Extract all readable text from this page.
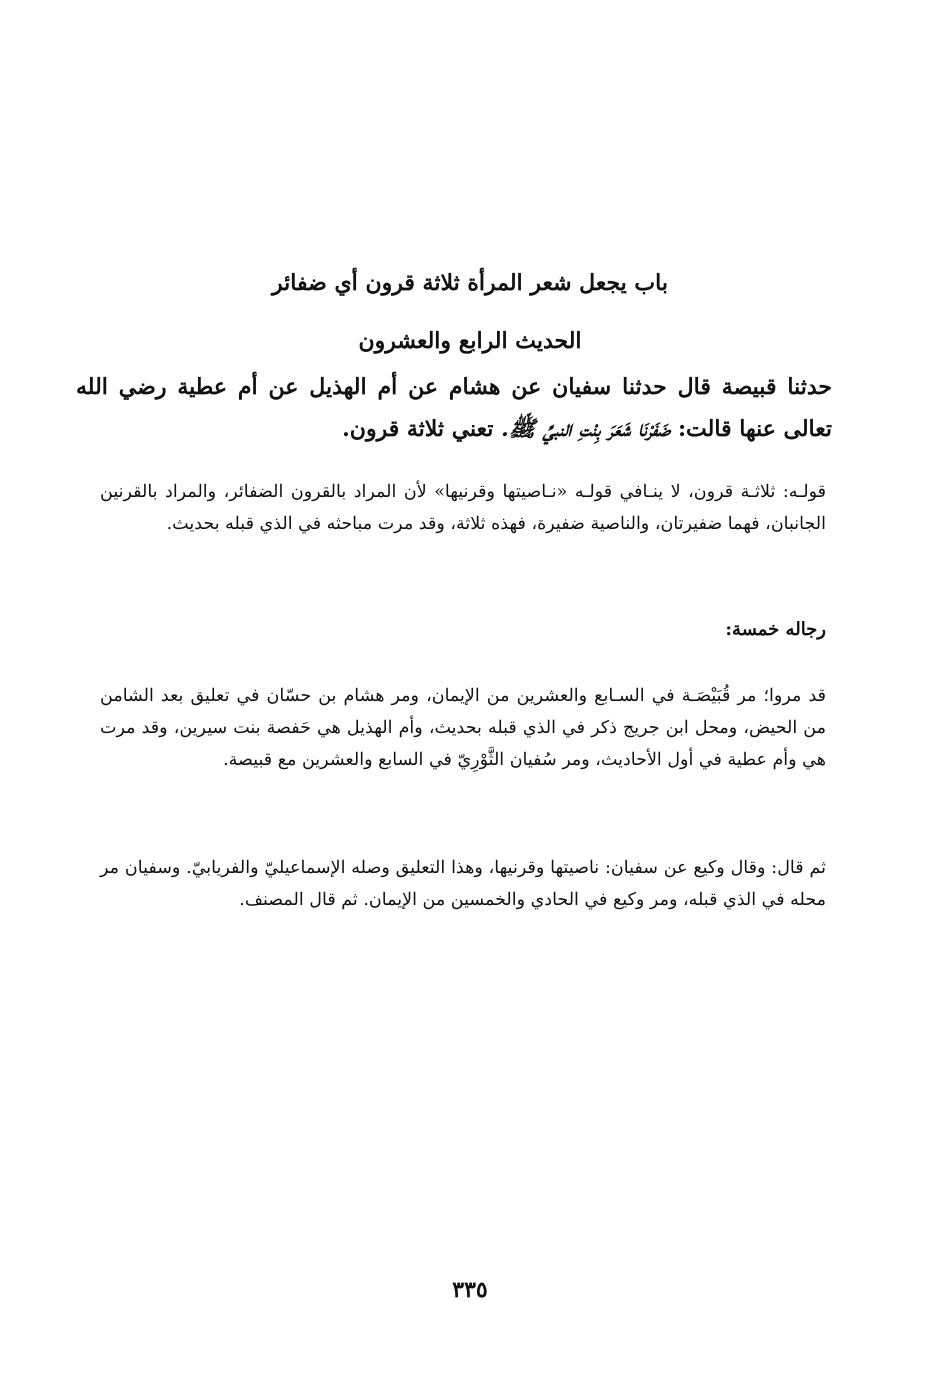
باب يجعل شعر المرأة ثلاثة قرون أي ضفائر
الحديث الرابع والعشرون
حدثنا قبيصة قال حدثنا سفيان عن هشام عن أم الهذيل عن أم عطية رضي الله تعالى عنها قالت: ضَفَرْنَا شَعَرَ بِنْتِ النبيِّ ﷺ. تعني ثلاثة قرون.
قولـه: ثلاثـة قرون، لا ينـافي قولـه «نـاصيتها وقرنيها» لأن المراد بالقرون الضفائر، والمراد بالقرنين الجانبان، فهما ضفيرتان، والناصية ضفيرة، فهذه ثلاثة، وقد مرت مباحثه في الذي قبله بحديث.
رجاله خمسة:
قد مروا؛ مر قُبَيْصَـة في السـابع والعشرين من الإيمان، ومر هشام بن حسّان في تعليق بعد الشامن من الحيض، ومحل ابن جريج ذكر في الذي قبله بحديث، وأم الهذيل هي حَفصة بنت سيرين، وقد مرت هي وأم عطية في أول الأحاديث، ومر سُفيان الثَّوْرِيّ في السابع والعشرين مع قبيصة.
ثم قال: وقال وكيع عن سفيان: ناصيتها وقرنيها، وهذا التعليق وصله الإسماعيليّ والفريابيّ. وسفيان مر محله في الذي قبله، ومر وكيع في الحادي والخمسين من الإيمان. ثم قال المصنف.
٣٣٥
